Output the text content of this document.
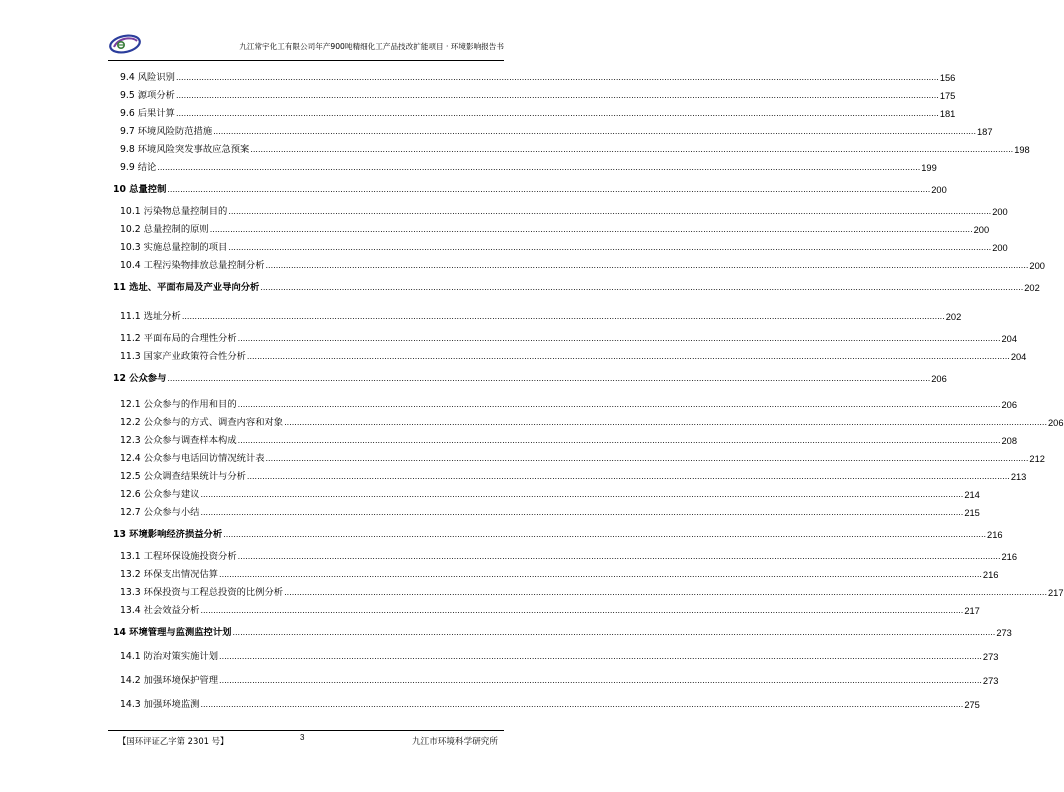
九江常宇化工有限公司年产900吨精细化工产品技改扩能项目 · 环境影响报告书
9.4 风险识别 ............................................................................................................................................................................................................................................................................................................ 156
9.5 源项分析 ............................................................................................................................................................................................................................................................................................................ 175
9.6 后果计算 ............................................................................................................................................................................................................................................................................................................ 181
9.7 环境风险防范措施 ............................................................................................................................................................................................................................................................................................................ 187
9.8 环境风险突发事故应急预案 ............................................................................................................................................................................................................................................................................................................ 198
9.9 结论 ............................................................................................................................................................................................................................................................................................................ 199
10 总量控制 ............................................................................................................................................................................................................................................................................................................ 200
10.1 污染物总量控制目的 ............................................................................................................................................................................................................................................................................................................ 200
10.2 总量控制的原则 ............................................................................................................................................................................................................................................................................................................ 200
10.3 实施总量控制的项目 ............................................................................................................................................................................................................................................................................................................ 200
10.4 工程污染物排放总量控制分析 ............................................................................................................................................................................................................................................................................................................ 200
11 选址、平面布局及产业导向分析 ............................................................................................................................................................................................................................................................................................................ 202
11.1 选址分析 ............................................................................................................................................................................................................................................................................................................ 202
11.2 平面布局的合理性分析 ............................................................................................................................................................................................................................................................................................................ 204
11.3 国家产业政策符合性分析 ............................................................................................................................................................................................................................................................................................................ 204
12 公众参与 ............................................................................................................................................................................................................................................................................................................ 206
12.1 公众参与的作用和目的 ............................................................................................................................................................................................................................................................................................................ 206
12.2 公众参与的方式、调查内容和对象 ............................................................................................................................................................................................................................................................................................................ 206
12.3 公众参与调查样本构成 ............................................................................................................................................................................................................................................................................................................ 208
12.4 公众参与电话回访情况统计表 ............................................................................................................................................................................................................................................................................................................ 212
12.5 公众调查结果统计与分析 ............................................................................................................................................................................................................................................................................................................ 213
12.6 公众参与建议 ............................................................................................................................................................................................................................................................................................................ 214
12.7 公众参与小结 ............................................................................................................................................................................................................................................................................................................ 215
13 环境影响经济损益分析 ............................................................................................................................................................................................................................................................................................................ 216
13.1 工程环保设施投资分析 ............................................................................................................................................................................................................................................................................................................ 216
13.2 环保支出情况估算 ............................................................................................................................................................................................................................................................................................................ 216
13.3 环保投资与工程总投资的比例分析 ............................................................................................................................................................................................................................................................................................................ 217
13.4 社会效益分析 ............................................................................................................................................................................................................................................................................................................ 217
14 环境管理与监测监控计划 ............................................................................................................................................................................................................................................................................................................ 273
14.1 防治对策实施计划 ............................................................................................................................................................................................................................................................................................................ 273
14.2 加强环境保护管理 ............................................................................................................................................................................................................................................................................................................ 273
14.3 加强环境监测 ............................................................................................................................................................................................................................................................................................................ 275
【国环评证乙字第 2301 号】	3	九江市环境科学研究所
